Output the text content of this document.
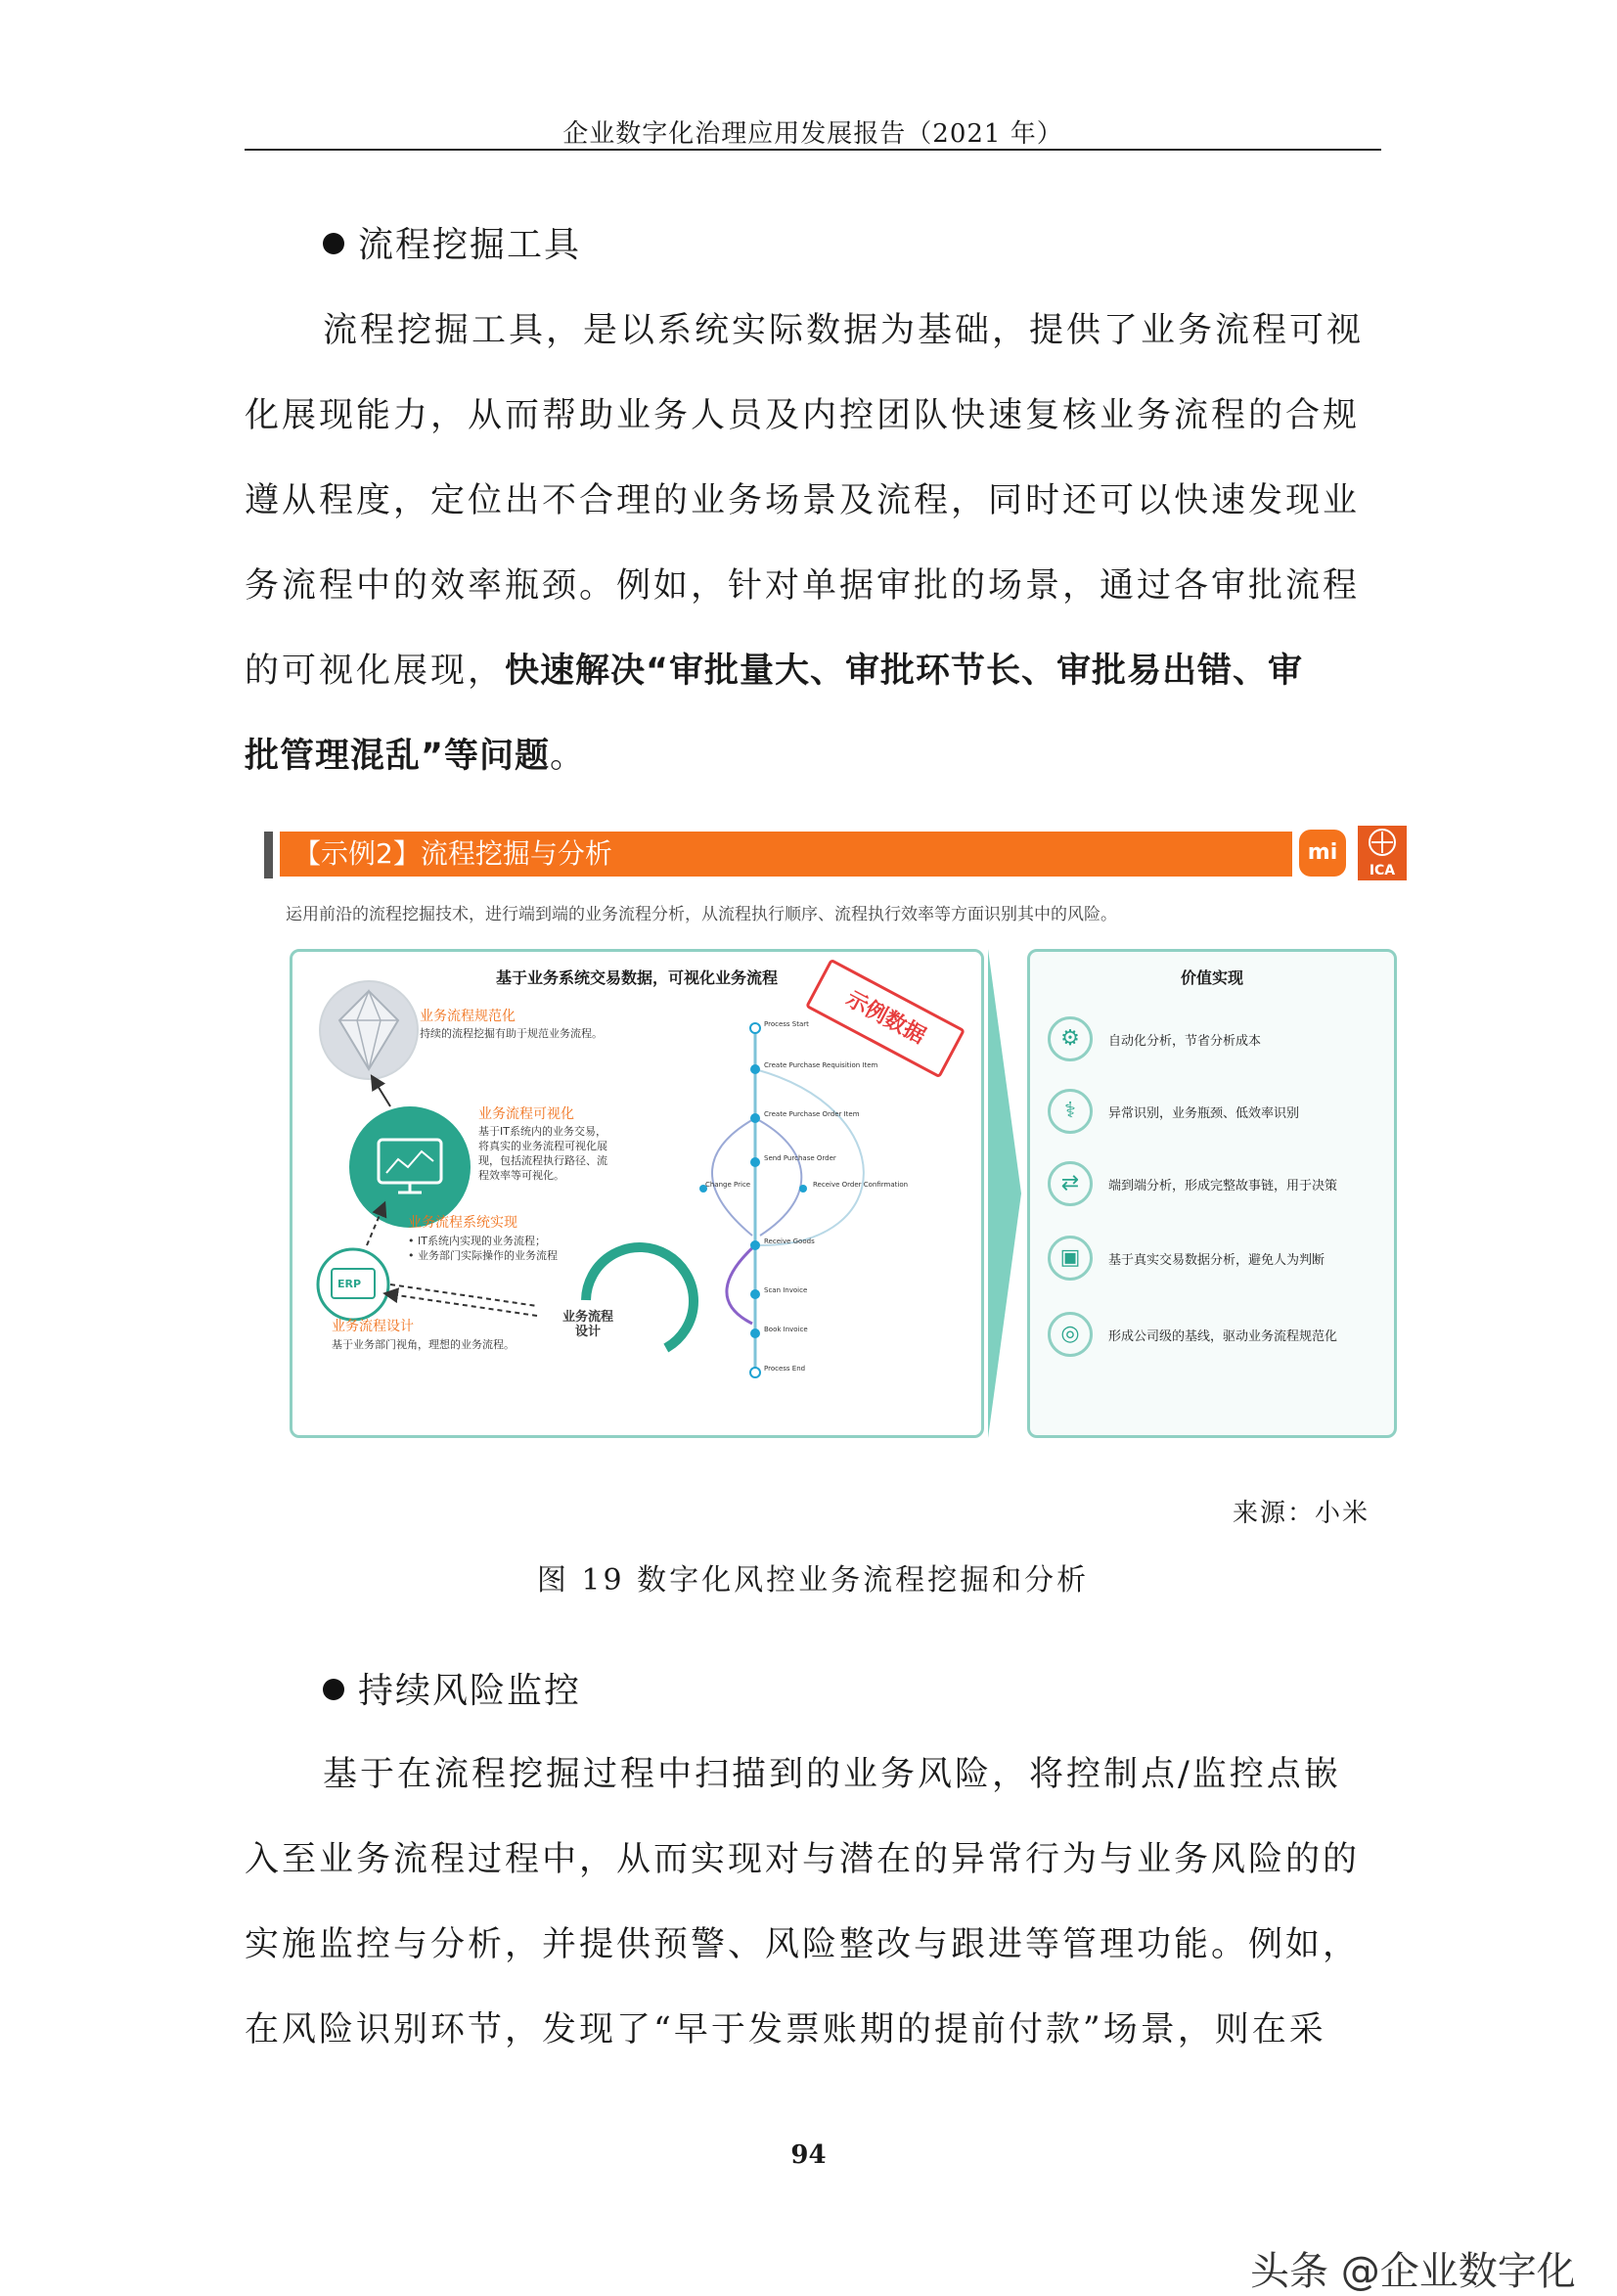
企业数字化治理应用发展报告（2021 年）
流程挖掘工具
流程挖掘工具，是以系统实际数据为基础，提供了业务流程可视
化展现能力，从而帮助业务人员及内控团队快速复核业务流程的合规
遵从程度，定位出不合理的业务场景及流程，同时还可以快速发现业
务流程中的效率瓶颈。例如，针对单据审批的场景，通过各审批流程
的可视化展现，快速解决“审批量大、审批环节长、审批易出错、审
批管理混乱”等问题。
【示例2】流程挖掘与分析	mi
ICA
运用前沿的流程挖掘技术，进行端到端的业务流程分析，从流程执行顺序、流程执行效率等方面识别其中的风险。
基于业务系统交易数据，可视化业务流程
示例数据
业务流程规范化
持续的流程挖掘有助于规范业务流程。
业务流程可视化
基于IT系统内的业务交易，
将真实的业务流程可视化展
现，包括流程执行路径、流
程效率等可视化。
业务流程系统实现
• IT系统内实现的业务流程；
• 业务部门实际操作的业务流程
ERP
业务流程设计
基于业务部门视角，理想的业务流程。
业务流程
设计
Process Start
Create Purchase Requisition Item
Create Purchase Order Item
Send Purchase Order
Change Price	Receive Order Confirmation
Receive Goods
Scan Invoice
Book Invoice
Process End
价值实现
⚙	自动化分析，节省分析成本
⚕	异常识别，业务瓶颈、低效率识别
⇄	端到端分析，形成完整故事链，用于决策
▣	基于真实交易数据分析，避免人为判断
◎	形成公司级的基线，驱动业务流程规范化
来源：小米
图 19 数字化风控业务流程挖掘和分析
持续风险监控
基于在流程挖掘过程中扫描到的业务风险，将控制点/监控点嵌
入至业务流程过程中，从而实现对与潜在的异常行为与业务风险的的
实施监控与分析，并提供预警、风险整改与跟进等管理功能。例如，
在风险识别环节，发现了“早于发票账期的提前付款”场景，则在采
94
头条 @企业数字化
